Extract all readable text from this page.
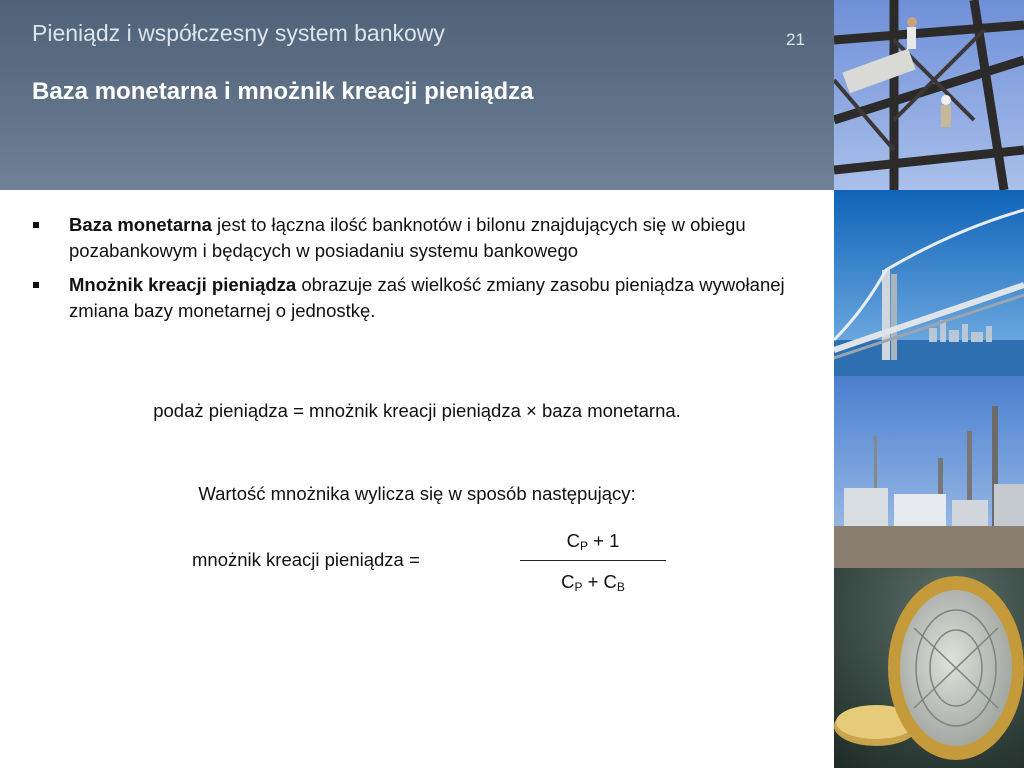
Pieniądz i współczesny system bankowy	21
Baza monetarna i mnożnik kreacji pieniądza
Baza monetarna jest to łączna ilość banknotów i bilonu znajdujących się w obiegu pozabankowym i będących w posiadaniu systemu bankowego
Mnożnik kreacji pieniądza obrazuje zaś wielkość zmiany zasobu pieniądza wywołanej zmiana bazy monetarnej o jednostkę.
podaż pieniądza = mnożnik kreacji pieniądza × baza monetarna.
Wartość mnożnika wylicza się w sposób następujący:
mnożnik kreacji pieniądza =
$C_P + 1$
$C_P + C_B$
